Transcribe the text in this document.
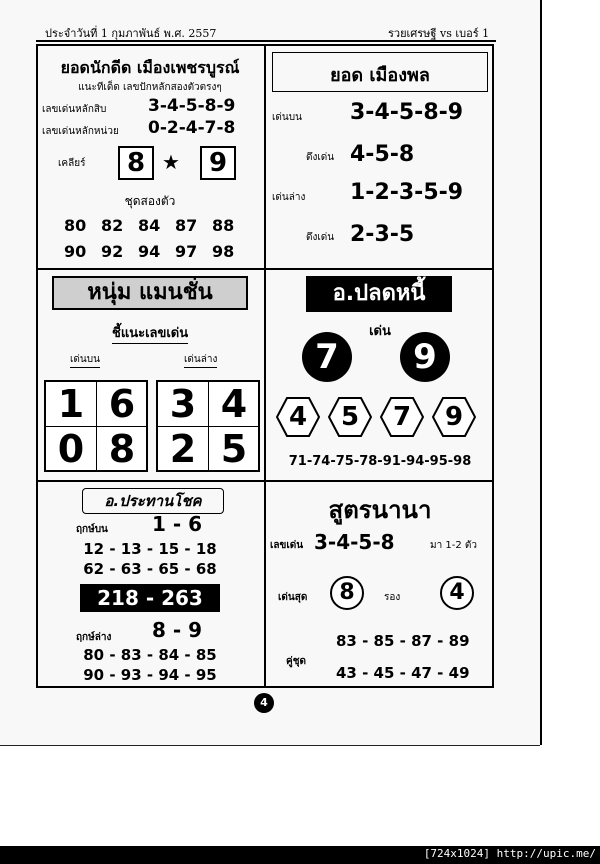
ประจำวันที่ 1 กุมภาพันธ์ พ.ศ. 2557	รวยเศรษฐี vs เบอร์ 1
ยอดนักดีด เมืองเพชรบูรณ์
แนะทีเด็ด เลขปักหลักสองตัวตรงๆ
เลขเด่นหลักสิบ 3-4-5-8-9
เลขเด่นหลักหน่วย 0-2-4-7-8
เคลียร์	8 ★	9
ชุดสองตัว
80 82 84 87 88
90 92 94 97 98
ยอด เมืองพล
เด่นบน 3-4-5-8-9
ดึงเด่น 4-5-8
เด่นล่าง 1-2-3-5-9
ดึงเด่น 2-3-5
หนุ่ม แมนชั่น
ชี้แนะเลขเด่น
เด่นบน	เด่นล่าง
1 6
0 8
3 4
2 5
อ.ปลดหนี้
เด่น
7	9
4	5	7	9
71-74-75-78-91-94-95-98
อ.ประทานโชค
ฤกษ์บน 1 - 6
12 - 13 - 15 - 18
62 - 63 - 65 - 68
218 - 263
ฤกษ์ล่าง 8 - 9
80 - 83 - 84 - 85
90 - 93 - 94 - 95
สูตรนานา
เลขเด่น 3-4-5-8	มา 1-2 ตัว
เด่นสุด	8	รอง	4
83 - 85 - 87 - 89
คู่ชุด
43 - 45 - 47 - 49
4
[724x1024] http://upic.me/
